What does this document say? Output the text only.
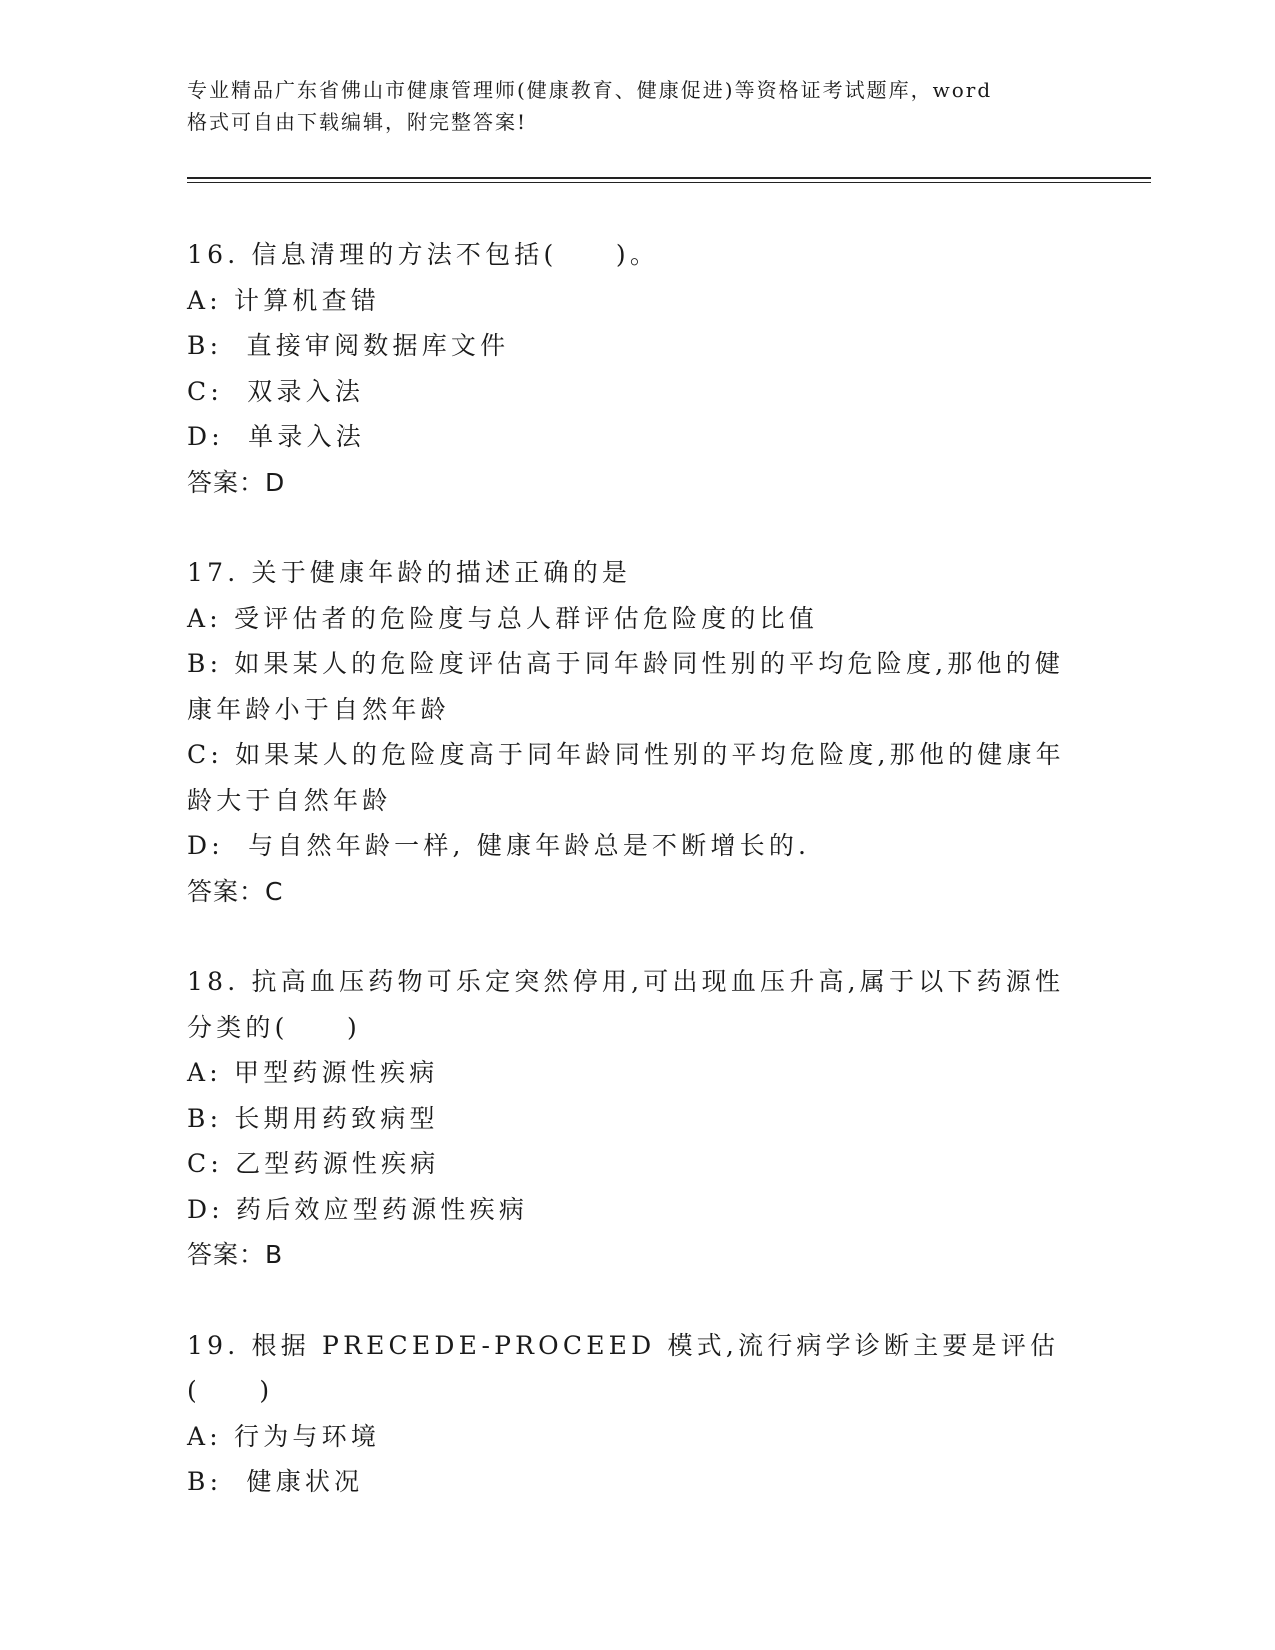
专业精品广东省佛山市健康管理师(健康教育、健康促进)等资格证考试题库，word
格式可自由下载编辑，附完整答案!
16. 信息清理的方法不包括(　　)。
A: 计算机查错
B:  直接审阅数据库文件
C:  双录入法
D:  单录入法
答案：D
17. 关于健康年龄的描述正确的是
A: 受评估者的危险度与总人群评估危险度的比值
B: 如果某人的危险度评估高于同年龄同性别的平均危险度,那他的健
康年龄小于自然年龄
C: 如果某人的危险度高于同年龄同性别的平均危险度,那他的健康年
龄大于自然年龄
D:  与自然年龄一样, 健康年龄总是不断增长的.
答案：C
18. 抗高血压药物可乐定突然停用,可出现血压升高,属于以下药源性
分类的(　　)
A: 甲型药源性疾病
B: 长期用药致病型
C: 乙型药源性疾病
D: 药后效应型药源性疾病
答案：B
19. 根据 PRECEDE-PROCEED 模式,流行病学诊断主要是评估(　　)
A: 行为与环境
B:  健康状况
